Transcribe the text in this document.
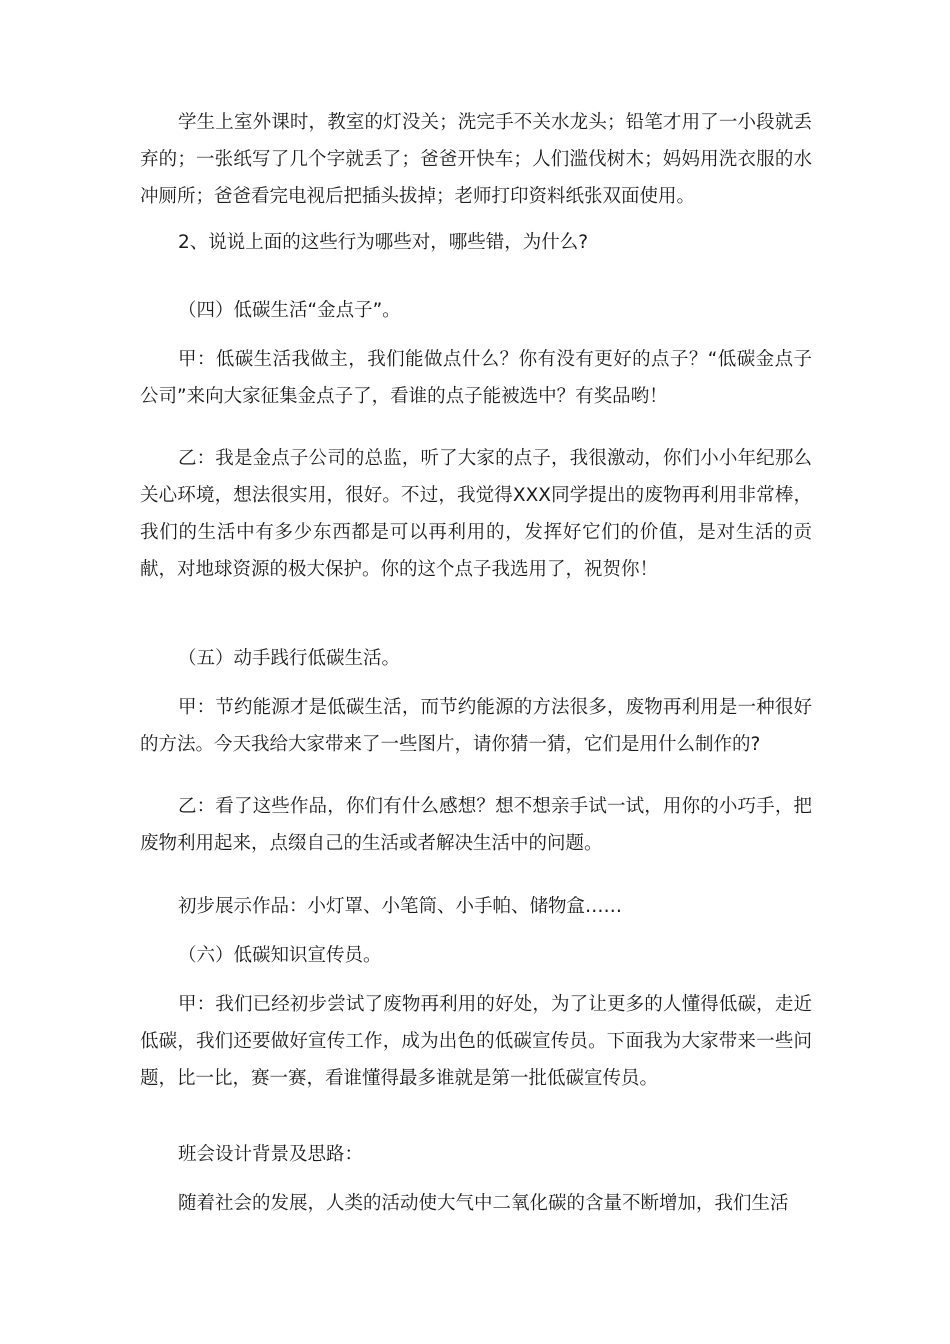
学生上室外课时，教室的灯没关；洗完手不关水龙头；铅笔才用了一小段就丢弃的；一张纸写了几个字就丢了；爸爸开快车；人们滥伐树木；妈妈用洗衣服的水冲厕所；爸爸看完电视后把插头拔掉；老师打印资料纸张双面使用。

2、说说上面的这些行为哪些对，哪些错，为什么?

（四）低碳生活“金点子”。

甲：低碳生活我做主，我们能做点什么？你有没有更好的点子？“低碳金点子公司”来向大家征集金点子了，看谁的点子能被选中？有奖品哟！

乙：我是金点子公司的总监，听了大家的点子，我很激动，你们小小年纪那么关心环境，想法很实用，很好。不过，我觉得XXX同学提出的废物再利用非常棒，我们的生活中有多少东西都是可以再利用的，发挥好它们的价值，是对生活的贡献，对地球资源的极大保护。你的这个点子我选用了，祝贺你！

（五）动手践行低碳生活。

甲：节约能源才是低碳生活，而节约能源的方法很多，废物再利用是一种很好的方法。今天我给大家带来了一些图片，请你猜一猜，它们是用什么制作的?

乙：看了这些作品，你们有什么感想？想不想亲手试一试，用你的小巧手，把废物利用起来，点缀自己的生活或者解决生活中的问题。

初步展示作品：小灯罩、小笔筒、小手帕、储物盒……

（六）低碳知识宣传员。

甲：我们已经初步尝试了废物再利用的好处，为了让更多的人懂得低碳，走近低碳，我们还要做好宣传工作，成为出色的低碳宣传员。下面我为大家带来一些问题，比一比，赛一赛，看谁懂得最多谁就是第一批低碳宣传员。

班会设计背景及思路：

随着社会的发展，人类的活动使大气中二氧化碳的含量不断增加，我们生活
